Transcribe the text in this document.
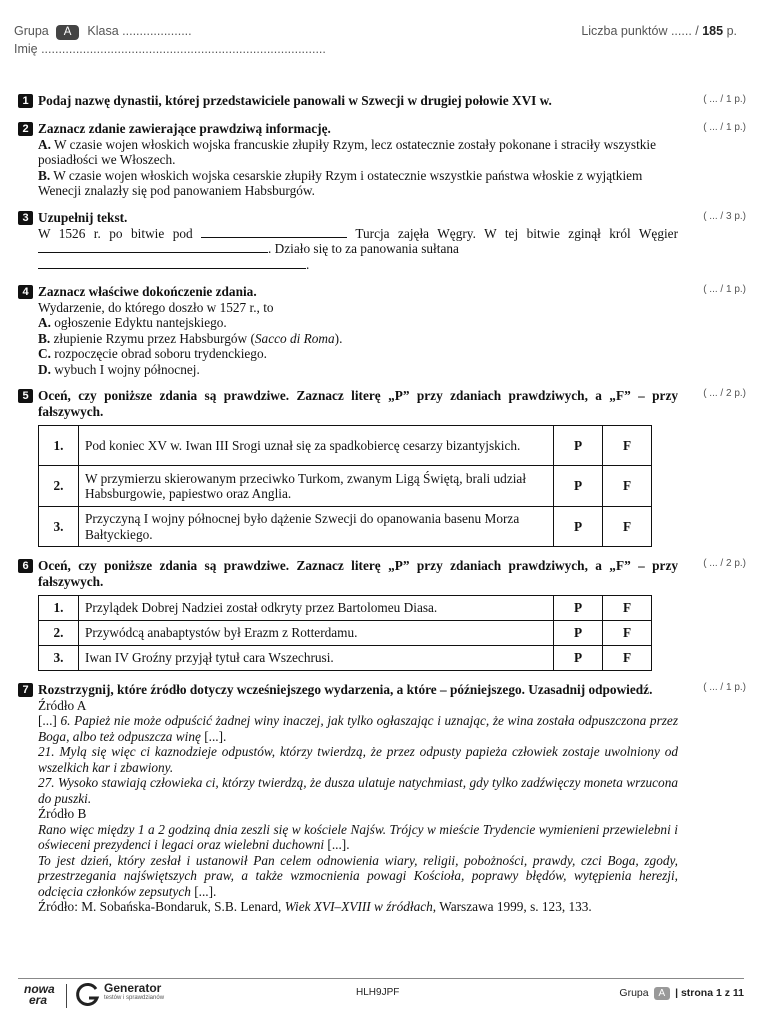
Grupa A Klasa ....................	Liczba punktów ...... / 185 p.
Imię ..................................................................................
1 Podaj nazwę dynastii, której przedstawiciele panowali w Szwecji w drugiej połowie XVI w.	( ... / 1 p.)
2 Zaznacz zdanie zawierające prawdziwą informację.
A. W czasie wojen włoskich wojska francuskie złupiły Rzym, lecz ostatecznie zostały pokonane i straciły wszystkie posiadłości we Włoszech.
B. W czasie wojen włoskich wojska cesarskie złupiły Rzym i ostatecznie wszystkie państwa włoskie z wyjątkiem Wenecji znalazły się pod panowaniem Habsburgów.
( ... / 1 p.)
3 Uzupełnij tekst.
W 1526 r. po bitwie pod	Turcja zajęła Węgry. W tej bitwie zginął król Węgier . Działo się to za panowania sułtana
.
( ... / 3 p.)
4 Zaznacz właściwe dokończenie zdania.
Wydarzenie, do którego doszło w 1527 r., to
A. ogłoszenie Edyktu nantejskiego.
B. złupienie Rzymu przez Habsburgów (Sacco di Roma).
C. rozpoczęcie obrad soboru trydenckiego.
D. wybuch I wojny północnej.
( ... / 1 p.)
5 Oceń, czy poniższe zdania są prawdziwe. Zaznacz literę „P” przy zdaniach prawdziwych, a „F” – przy fałszywych.
1.	Pod koniec XV w. Iwan III Srogi uznał się za spadkobiercę cesarzy bizantyjskich.	P	F
2.	W przymierzu skierowanym przeciwko Turkom, zwanym Ligą Świętą, brali udział Habsburgowie, papiestwo oraz Anglia.	P	F
3.	Przyczyną I wojny północnej było dążenie Szwecji do opanowania basenu Morza Bałtyckiego.	P	F
( ... / 2 p.)
6 Oceń, czy poniższe zdania są prawdziwe. Zaznacz literę „P” przy zdaniach prawdziwych, a „F” – przy fałszywych.
1.	Przylądek Dobrej Nadziei został odkryty przez Bartolomeu Diasa.	P	F
2.	Przywódcą anabaptystów był Erazm z Rotterdamu.	P	F
3.	Iwan IV Groźny przyjął tytuł cara Wszechrusi.	P	F
( ... / 2 p.)
7 Rozstrzygnij, które źródło dotyczy wcześniejszego wydarzenia, a które – późniejszego. Uzasadnij odpowiedź.
Źródło A
[...] 6. Papież nie może odpuścić żadnej winy inaczej, jak tylko ogłaszając i uznając, że wina została odpuszczona przez Boga, albo też odpuszcza winę [...].
21. Mylą się więc ci kaznodzieje odpustów, którzy twierdzą, że przez odpusty papieża człowiek zostaje uwolniony od wszelkich kar i zbawiony.
27. Wysoko stawiają człowieka ci, którzy twierdzą, że dusza ulatuje natychmiast, gdy tylko zadźwięczy moneta wrzucona do puszki.
Źródło B
Rano więc między 1 a 2 godziną dnia zeszli się w kościele Najśw. Trójcy w mieście Trydencie wymienieni przewielebni i oświeceni prezydenci i legaci oraz wielebni duchowni [...].
To jest dzień, który zesłał i ustanowił Pan celem odnowienia wiary, religii, pobożności, prawdy, czci Boga, zgody, przestrzegania najświętszych praw, a także wzmocnienia powagi Kościoła, poprawy błędów, wytępienia herezji, odcięcia członków zepsutych [...].
Źródło: M. Sobańska-Bondaruk, S.B. Lenard, Wiek XVI–XVIII w źródłach, Warszawa 1999, s. 123, 133.
( ... / 1 p.)
nowa
era
Generator
testów i sprawdzianów	HLH9JPF	Grupa A | strona 1 z 11
